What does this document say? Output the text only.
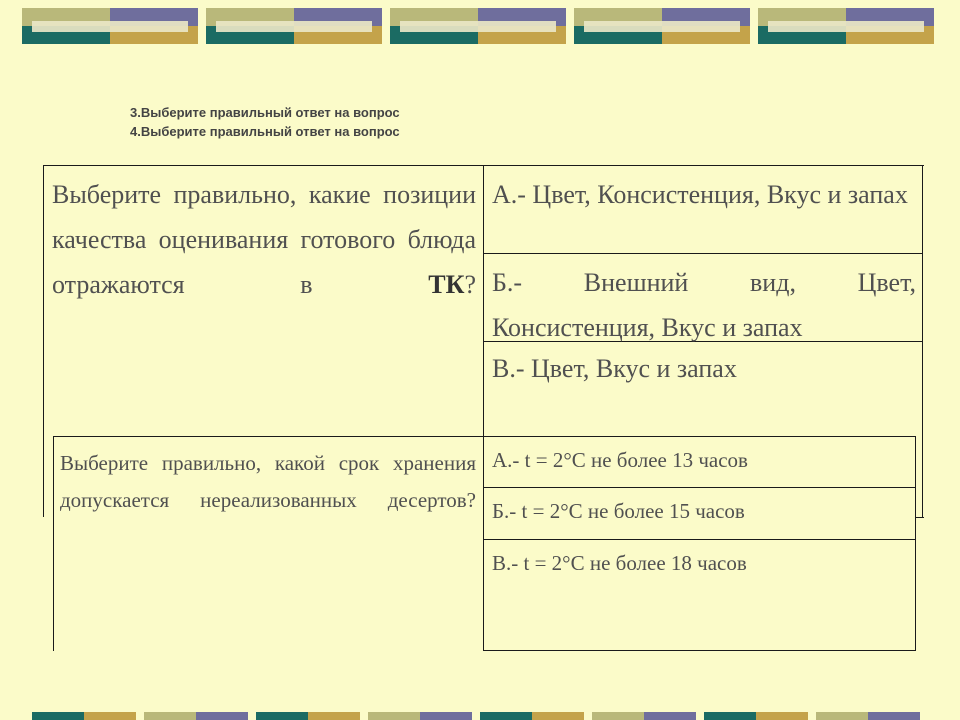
3.Выберите правильный ответ на вопрос
4.Выберите правильный ответ на вопрос
Выберите правильно, какие позиции качества оценивания готового блюда отражаются в	ТК?
А.- Цвет, Консистенция, Вкус и запах
Б.- Внешний вид, Цвет, Консистенция, Вкус и запах
В.- Цвет, Вкус и запах
Выберите правильно, какой срок хранения допускается нереализованных десертов?
А.- t = 2°С не более 13 часов
Б.- t = 2°С не более 15 часов
В.- t = 2°С не более 18 часов
